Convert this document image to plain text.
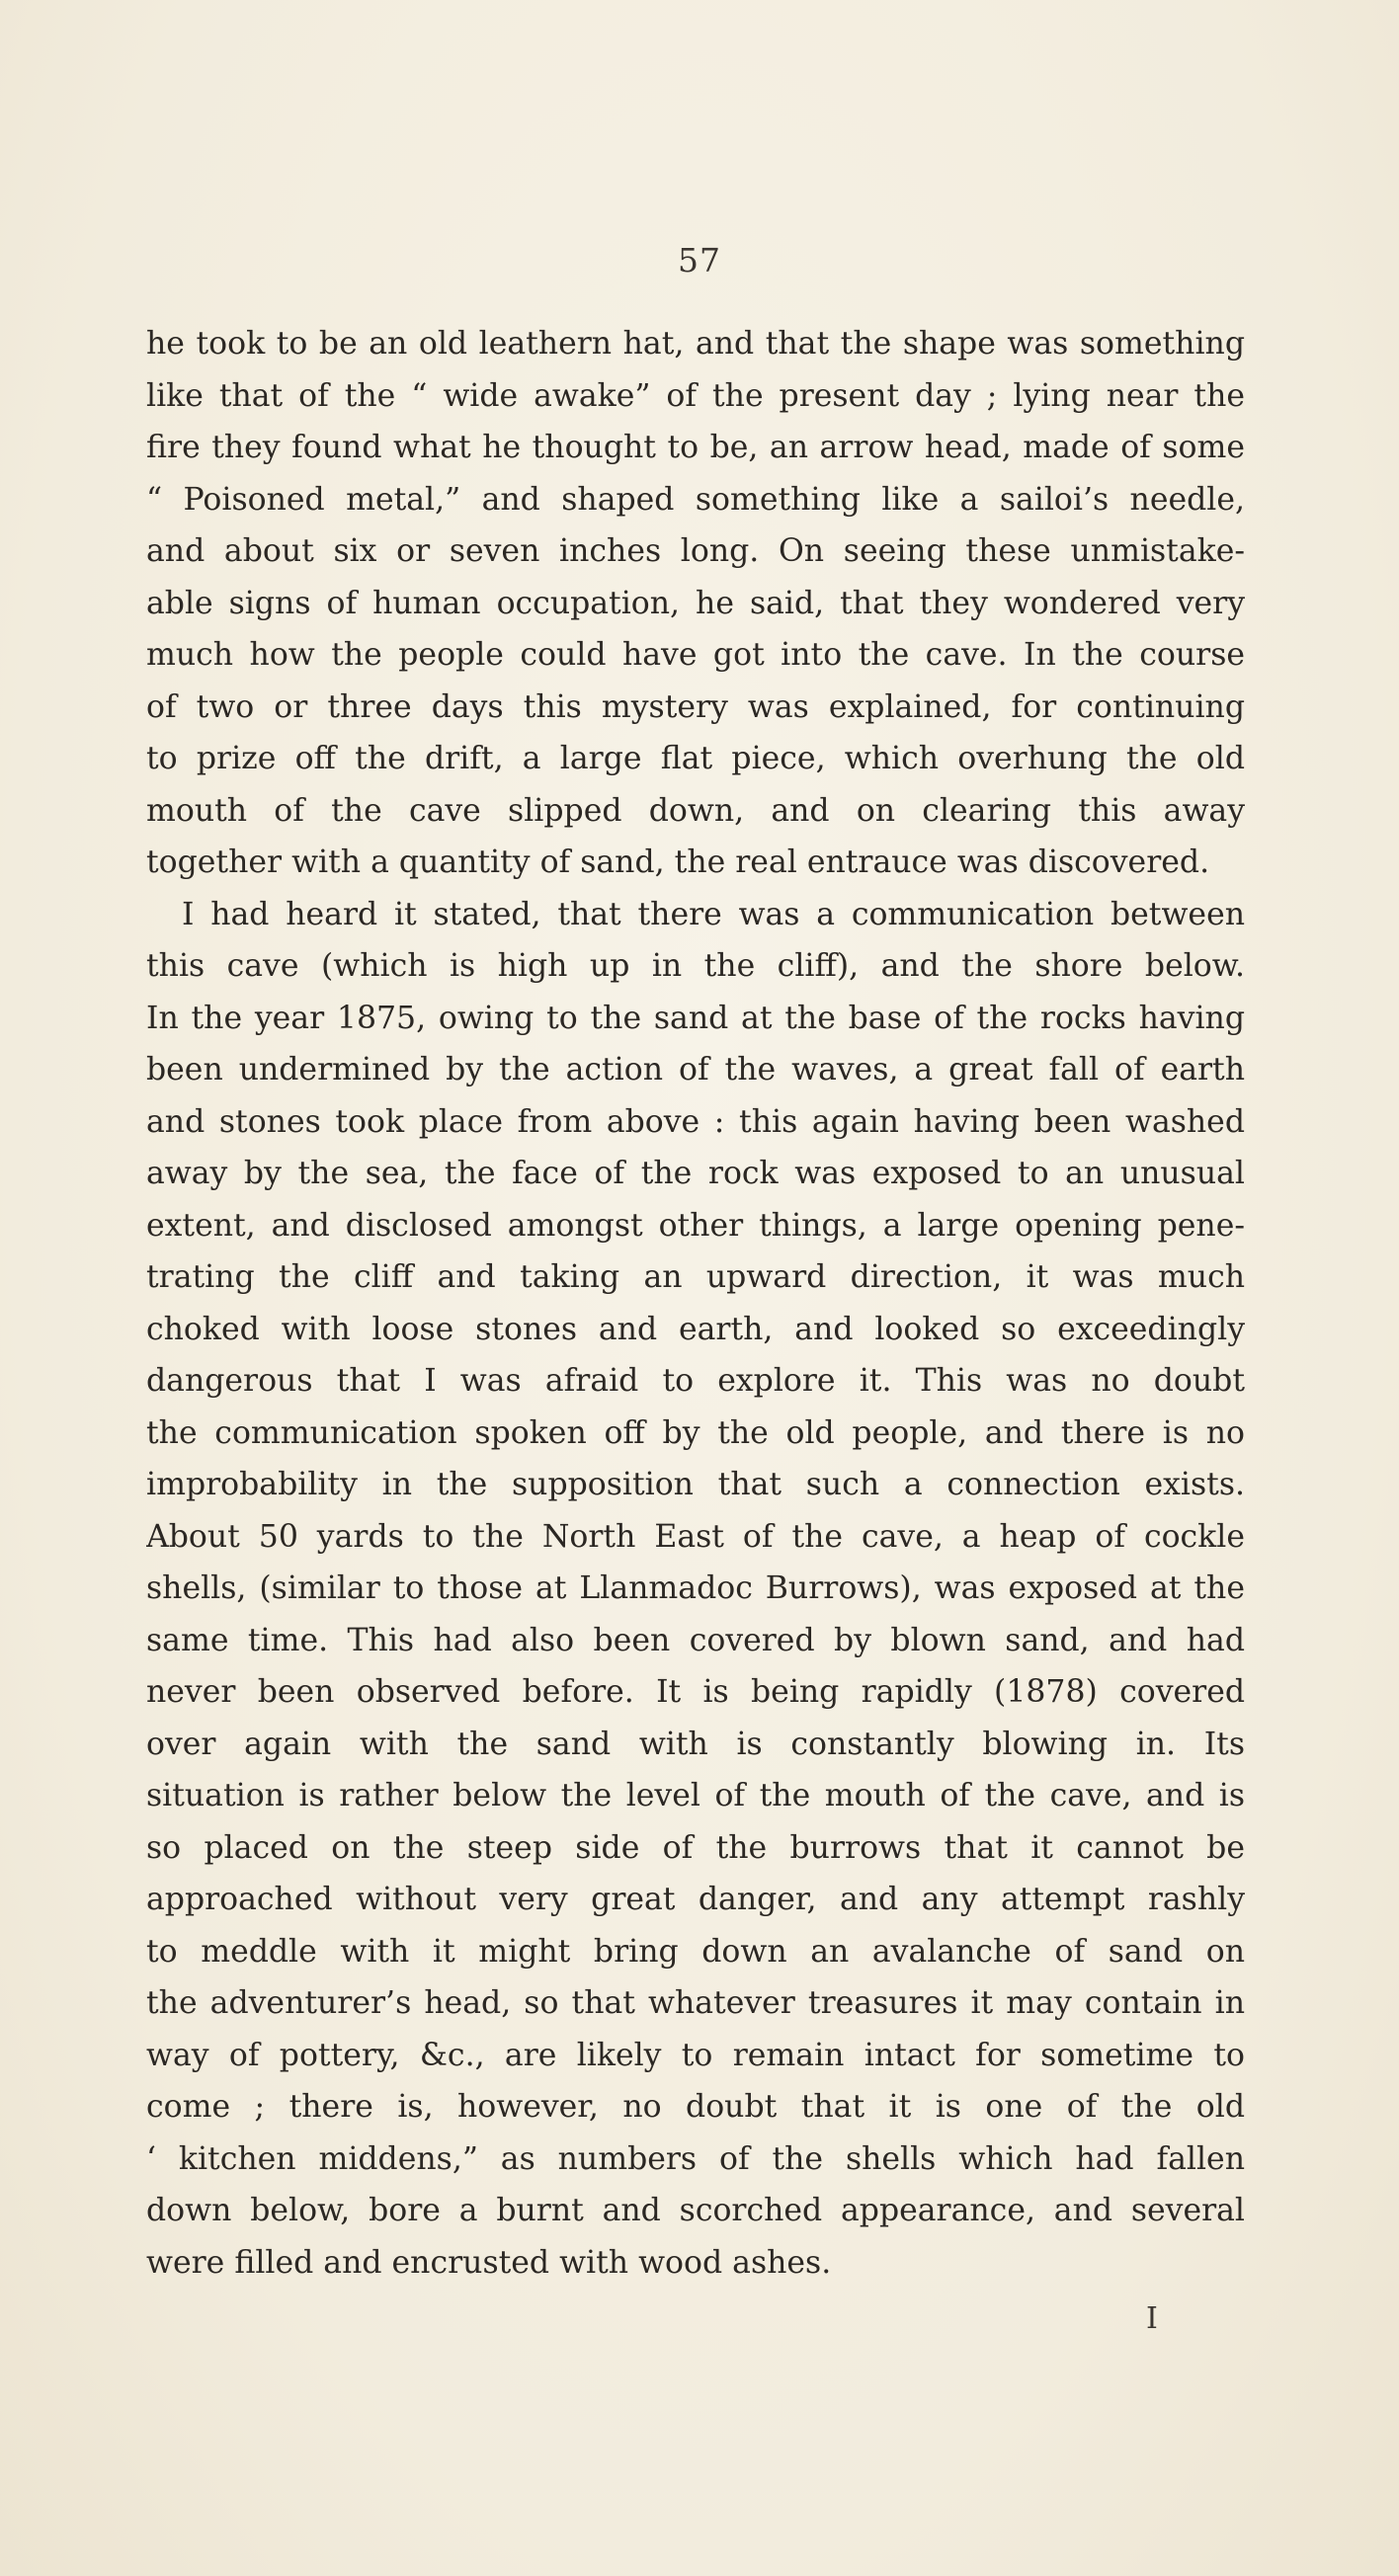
57
he took to be an old leathern hat, and that the shape was something
like that of the “ wide awake” of the present day ; lying near the
fire they found what he thought to be, an arrow head, made of some
“ Poisoned metal,” and shaped something like a sailoi’s needle,
and about six or seven inches long. On seeing these unmistake-
able signs of human occupation, he said, that they wondered very
much how the people could have got into the cave. In the course
of two or three days this mystery was explained, for continuing
to prize off the drift, a large flat piece, which overhung the old
mouth of the cave slipped down, and on clearing this away
together with a quantity of sand, the real entrauce was discovered.
I had heard it stated, that there was a communication between
this cave (which is high up in the cliff), and the shore below.
In the year 1875, owing to the sand at the base of the rocks having
been undermined by the action of the waves, a great fall of earth
and stones took place from above : this again having been washed
away by the sea, the face of the rock was exposed to an unusual
extent, and disclosed amongst other things, a large opening pene-
trating the cliff and taking an upward direction, it was much
choked with loose stones and earth, and looked so exceedingly
dangerous that I was afraid to explore it. This was no doubt
the communication spoken off by the old people, and there is no
improbability in the supposition that such a connection exists.
About 50 yards to the North East of the cave, a heap of cockle
shells, (similar to those at Llanmadoc Burrows), was exposed at the
same time. This had also been covered by blown sand, and had
never been observed before. It is being rapidly (1878) covered
over again with the sand with is constantly blowing in. Its
situation is rather below the level of the mouth of the cave, and is
so placed on the steep side of the burrows that it cannot be
approached without very great danger, and any attempt rashly
to meddle with it might bring down an avalanche of sand on
the adventurer’s head, so that whatever treasures it may contain in
way of pottery, &c., are likely to remain intact for sometime to
come ; there is, however, no doubt that it is one of the old
‘ kitchen middens,” as numbers of the shells which had fallen
down below, bore a burnt and scorched appearance, and several
were filled and encrusted with wood ashes.
I
